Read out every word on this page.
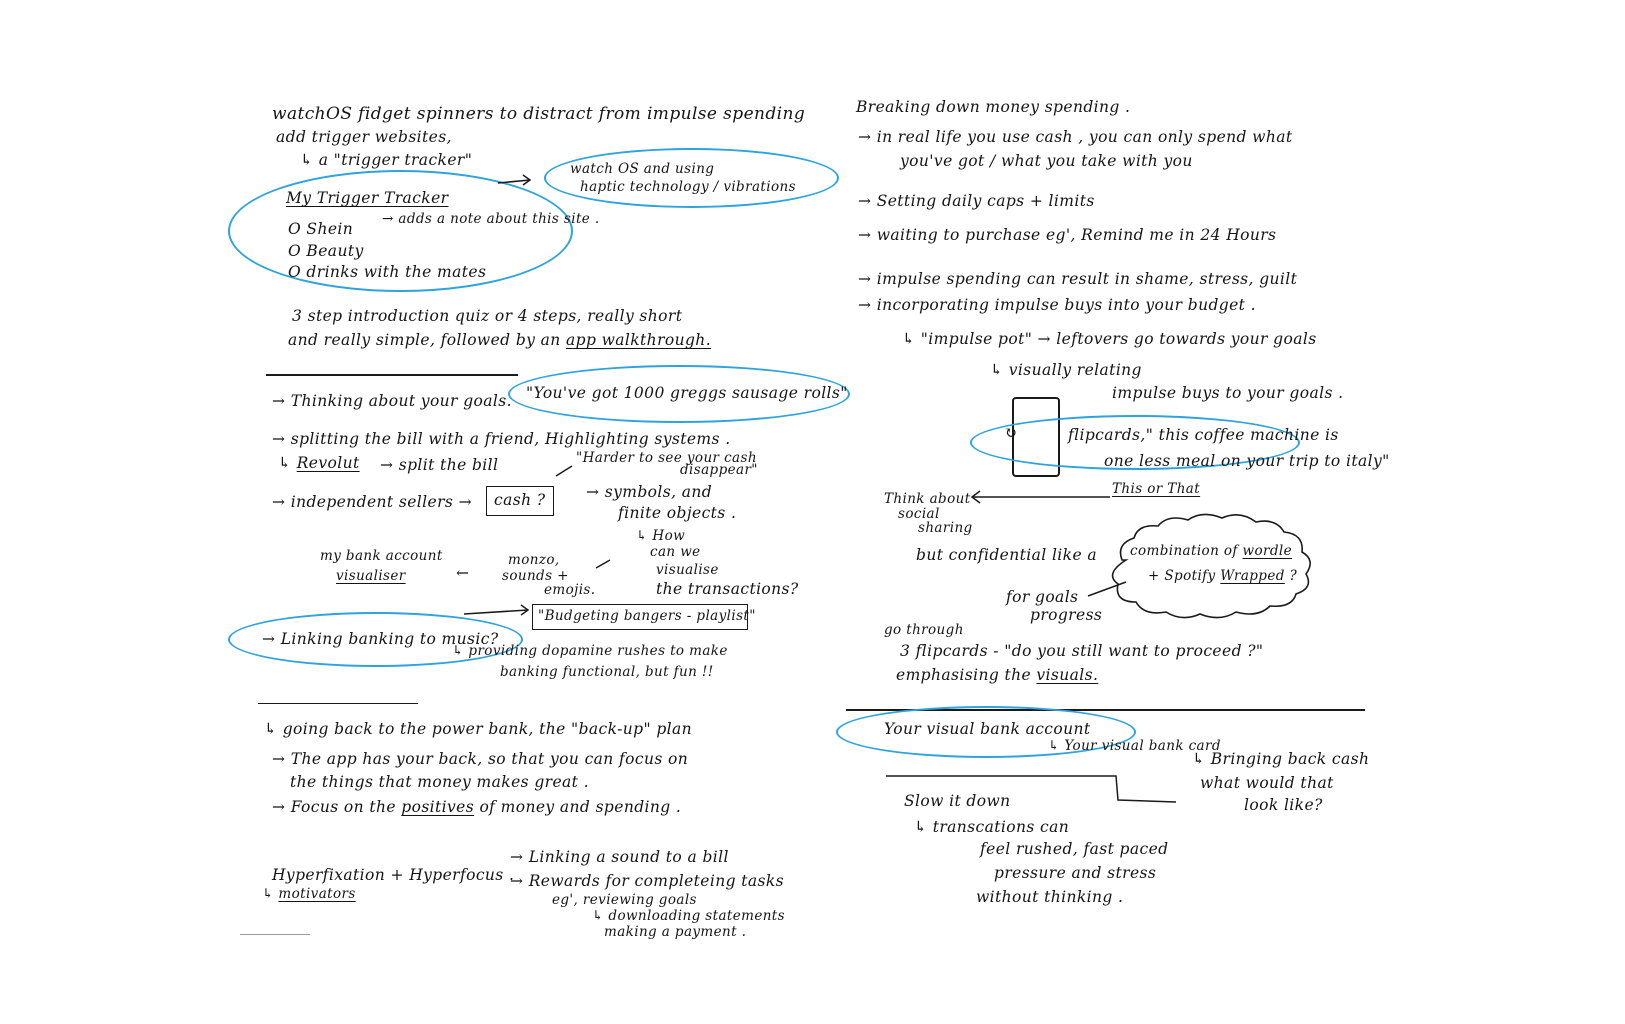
watchOS fidget spinners to distract from impulse spending
add trigger websites,
↳ a "trigger tracker"	watch OS and using
haptic technology / vibrations
My Trigger Tracker
O Shein
O Beauty
O drinks with the mates
→ adds a note about this site .
3 step introduction quiz or 4 steps, really short
and really simple, followed by an app walkthrough.
→ Thinking about your goals. "You've got 1000 greggs sausage rolls"
→ splitting the bill with a friend, Highlighting systems .
↳ Revolut → split the bill	"Harder to see your cash
disappear"
→ independent sellers → cash ?	→ symbols, and
finite objects .
↳ How
can we
visualise
the transactions?
my bank account
visualiser	←
monzo,
sounds +
emojis.
"Budgeting bangers - playlist"
→ Linking banking to music?
↳ providing dopamine rushes to make
banking functional, but fun !!
↳ going back to the power bank, the "back-up" plan
→ The app has your back, so that you can focus on
the things that money makes great .
→ Focus on the positives of money and spending .
Hyperfixation + Hyperfocus .
↳ motivators
→ Linking a sound to a bill
→ Rewards for completeing tasks
eg', reviewing goals
↳ downloading statements
making a payment .
Breaking down money spending .
→ in real life you use cash , you can only spend what
you've got / what you take with you
→ Setting daily caps + limits
→ waiting to purchase eg', Remind me in 24 Hours
→ impulse spending can result in shame, stress, guilt
→ incorporating impulse buys into your budget .
↳ "impulse pot" → leftovers go towards your goals
↳ visually relating
impulse buys to your goals .
↻	flipcards," this coffee machine is
one less meal on your trip to italy"
This or That
Think about
social
sharing
but confidential like a combination of wordle
+ Spotify Wrapped ?
for goals
progress
go through
3 flipcards - "do you still want to proceed ?"
emphasising the visuals.
Your visual bank account
↳ Your visual bank card
↳ Bringing back cash
what would that
look like?
Slow it down
↳ transcations can
feel rushed, fast paced
pressure and stress
without thinking .
